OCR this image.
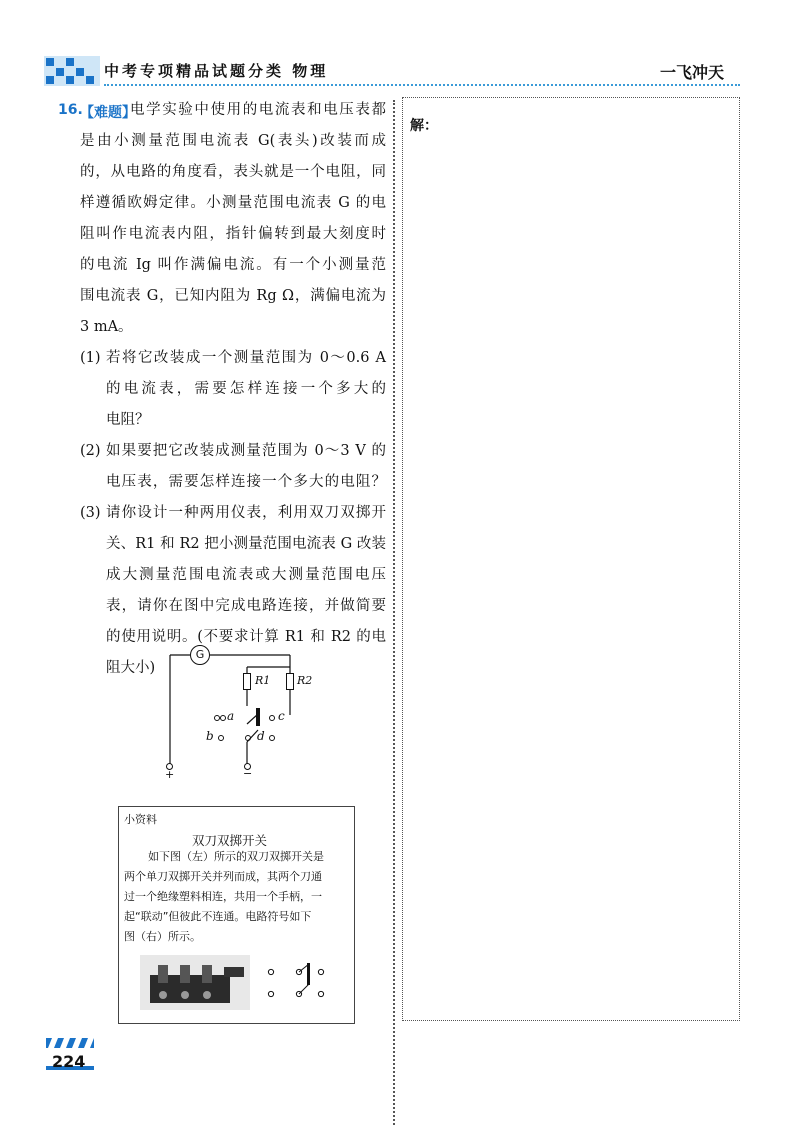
中考专项精品试题分类 物理	一飞冲天
16.
【难题】
电学实验中使用的电流表和电压表都
是由小测量范围电流表 G(表头)改装而成
的，从电路的角度看，表头就是一个电阻，同
样遵循欧姆定律。小测量范围电流表 G 的电
阻叫作电流表内阻，指针偏转到最大刻度时
的电流 Ig 叫作满偏电流。有一个小测量范
围电流表 G，已知内阻为 Rg Ω，满偏电流为
3 mA。
(1) 若将它改装成一个测量范围为 0～0.6 A
的电流表，需要怎样连接一个多大的
电阻？
(2) 如果要把它改装成测量范围为 0～3 V 的
电压表，需要怎样连接一个多大的电阻？
(3) 请你设计一种两用仪表，利用双刀双掷开
关、R1 和 R2 把小测量范围电流表 G 改装
成大测量范围电流表或大测量范围电压
表，请你在图中完成电路连接，并做简要
的使用说明。(不要求计算 R1 和 R2 的电
阻大小)
G
R1 R2
a	c
b	d
+	−
小资料
双刀双掷开关
如下图（左）所示的双刀双掷开关是
两个单刀双掷开关并列而成，其两个刀通
过一个绝缘塑料相连，共用一个手柄，一
起“联动”但彼此不连通。电路符号如下
图（右）所示。
解：
224
